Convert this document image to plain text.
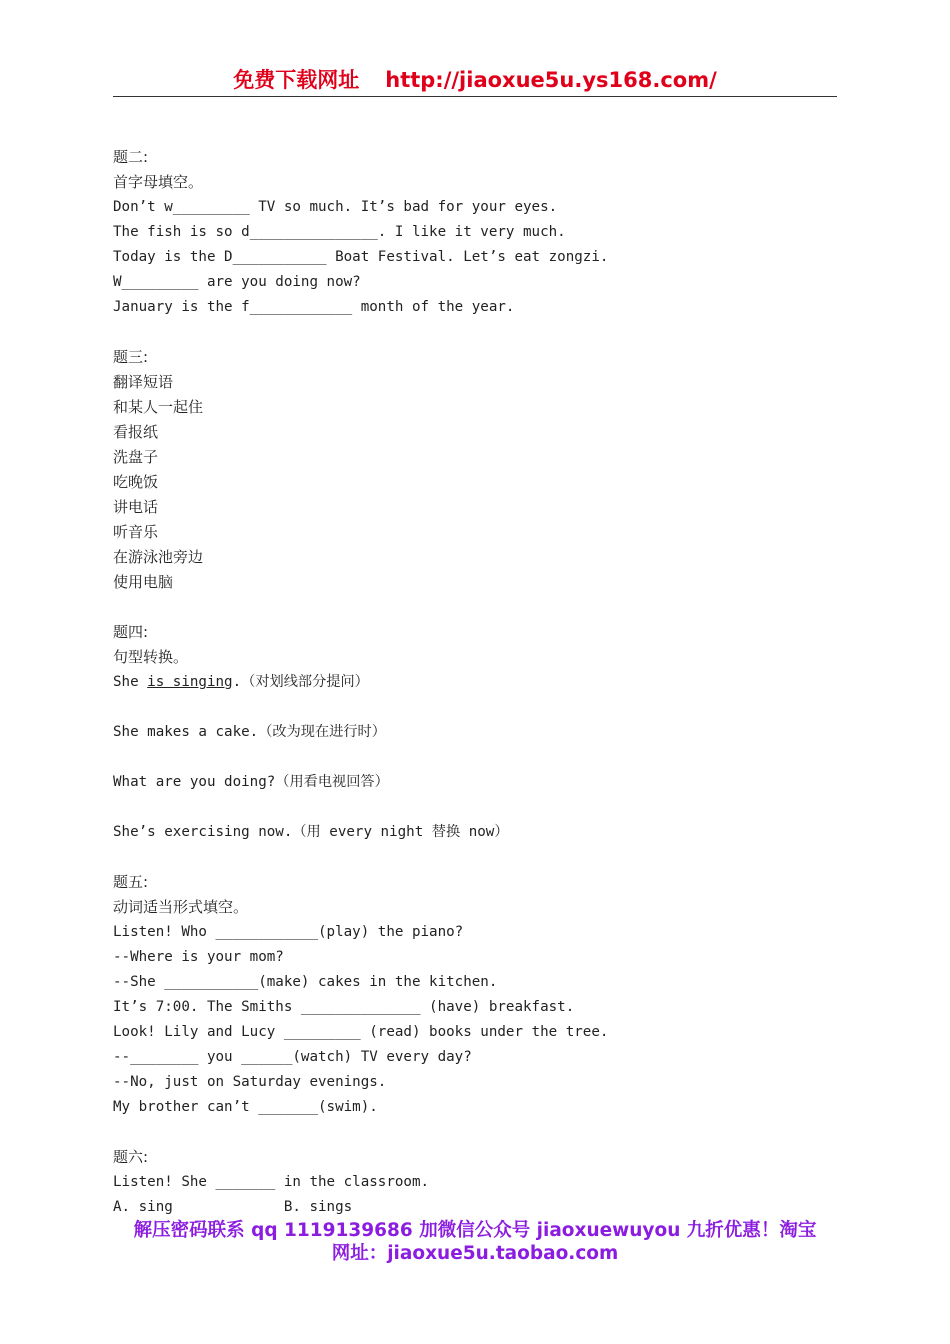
免费下载网址 http://jiaoxue5u.ys168.com/
题二:
首字母填空。
Don’t w_________ TV so much. It’s bad for your eyes.
The fish is so d_______________. I like it very much.
Today is the D___________ Boat Festival. Let’s eat zongzi.
W_________ are you doing now?
January is the f____________ month of the year.
题三:
翻译短语
和某人一起住
看报纸
洗盘子
吃晚饭
讲电话
听音乐
在游泳池旁边
使用电脑
题四:
句型转换。
She is singing.（对划线部分提问）
She makes a cake.（改为现在进行时）
What are you doing?（用看电视回答）
She’s exercising now.（用 every night 替换 now）
题五:
动词适当形式填空。
Listen! Who ____________(play) the piano?
--Where is your mom?
--She ___________(make) cakes in the kitchen.
It’s 7:00. The Smiths ______________ (have) breakfast.
Look! Lily and Lucy _________ (read) books under the tree.
--________ you ______(watch) TV every day?
--No, just on Saturday evenings.
My brother can’t _______(swim).
题六:
Listen! She _______ in the classroom.
A. sing             B. sings
解压密码联系 qq 1119139686 加微信公众号 jiaoxuewuyou 九折优惠！淘宝
网址：jiaoxue5u.taobao.com
